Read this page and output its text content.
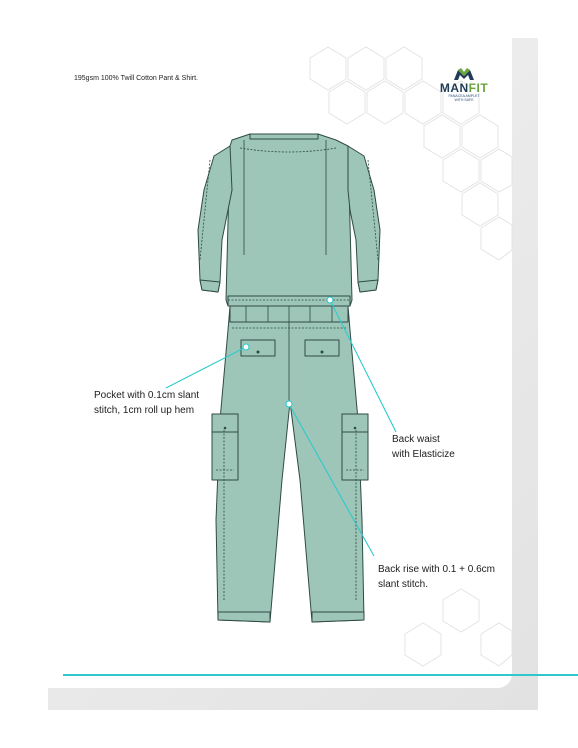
195gsm 100% Twill Cotton Pant & Shirt.
MANFIT
PANACEA AMPLET
WITH SAFE
Pocket with 0.1cm slant
stitch, 1cm roll up hem
Back waist
with Elasticize
Back rise with 0.1 + 0.6cm
slant stitch.
